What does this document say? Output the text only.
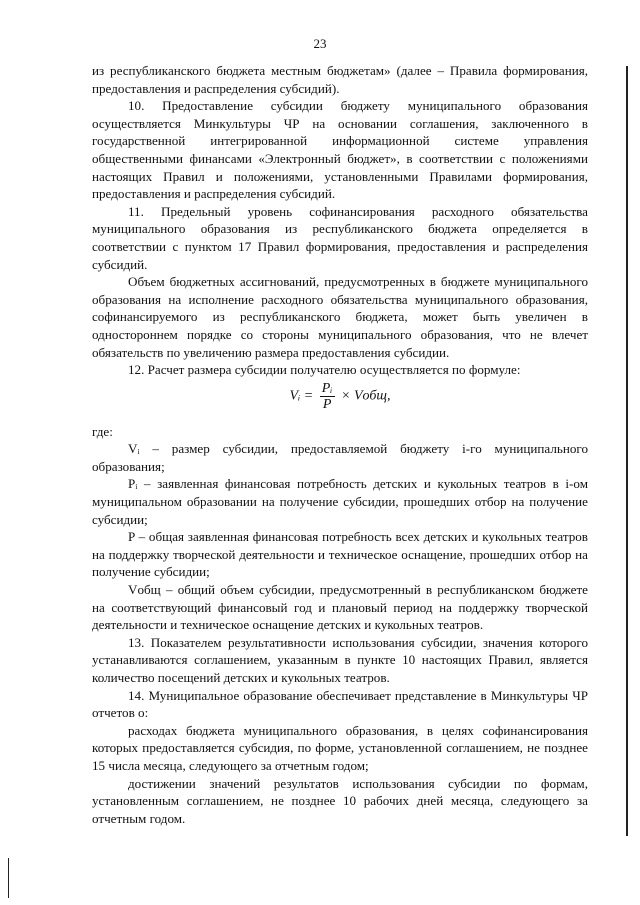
23

из республиканского бюджета местным бюджетам» (далее – Правила формирования, предоставления и распределения субсидий).

10. Предоставление субсидии бюджету муниципального образования осуществляется Минкультуры ЧР на основании соглашения, заключенного в государственной интегрированной информационной системе управления общественными финансами «Электронный бюджет», в соответствии с положениями настоящих Правил и положениями, установленными Правилами формирования, предоставления и распределения субсидий.

11. Предельный уровень софинансирования расходного обязательства муниципального образования из республиканского бюджета определяется в соответствии с пунктом 17 Правил формирования, предоставления и распределения субсидий.

Объем бюджетных ассигнований, предусмотренных в бюджете муниципального образования на исполнение расходного обязательства муниципального образования, софинансируемого из республиканского бюджета, может быть увеличен в одностороннем порядке со стороны муниципального образования, что не влечет обязательств по увеличению размера предоставления субсидии.

12. Расчет размера субсидии получателю осуществляется по формуле:

Vᵢ = $\frac{\text{Pᵢ}}{P}$ × Vобщ,

где:

Vᵢ – размер субсидии, предоставляемой бюджету i-го муниципального образования;

Pᵢ – заявленная финансовая потребность детских и кукольных театров в i-ом муниципальном образовании на получение субсидии, прошедших отбор на получение субсидии;

P – общая заявленная финансовая потребность всех детских и кукольных театров на поддержку творческой деятельности и техническое оснащение, прошедших отбор на получение субсидии;

Vобщ – общий объем субсидии, предусмотренный в республиканском бюджете на соответствующий финансовый год и плановый период на поддержку творческой деятельности и техническое оснащение детских и кукольных театров.

13. Показателем результативности использования субсидии, значения которого устанавливаются соглашением, указанным в пункте 10 настоящих Правил, является количество посещений детских и кукольных театров.

14. Муниципальное образование обеспечивает представление в Минкультуры ЧР отчетов о:

расходах бюджета муниципального образования, в целях софинансирования которых предоставляется субсидия, по форме, установленной соглашением, не позднее 15 числа месяца, следующего за отчетным годом;

достижении значений результатов использования субсидии по формам, установленным соглашением, не позднее 10 рабочих дней месяца, следующего за отчетным годом.
